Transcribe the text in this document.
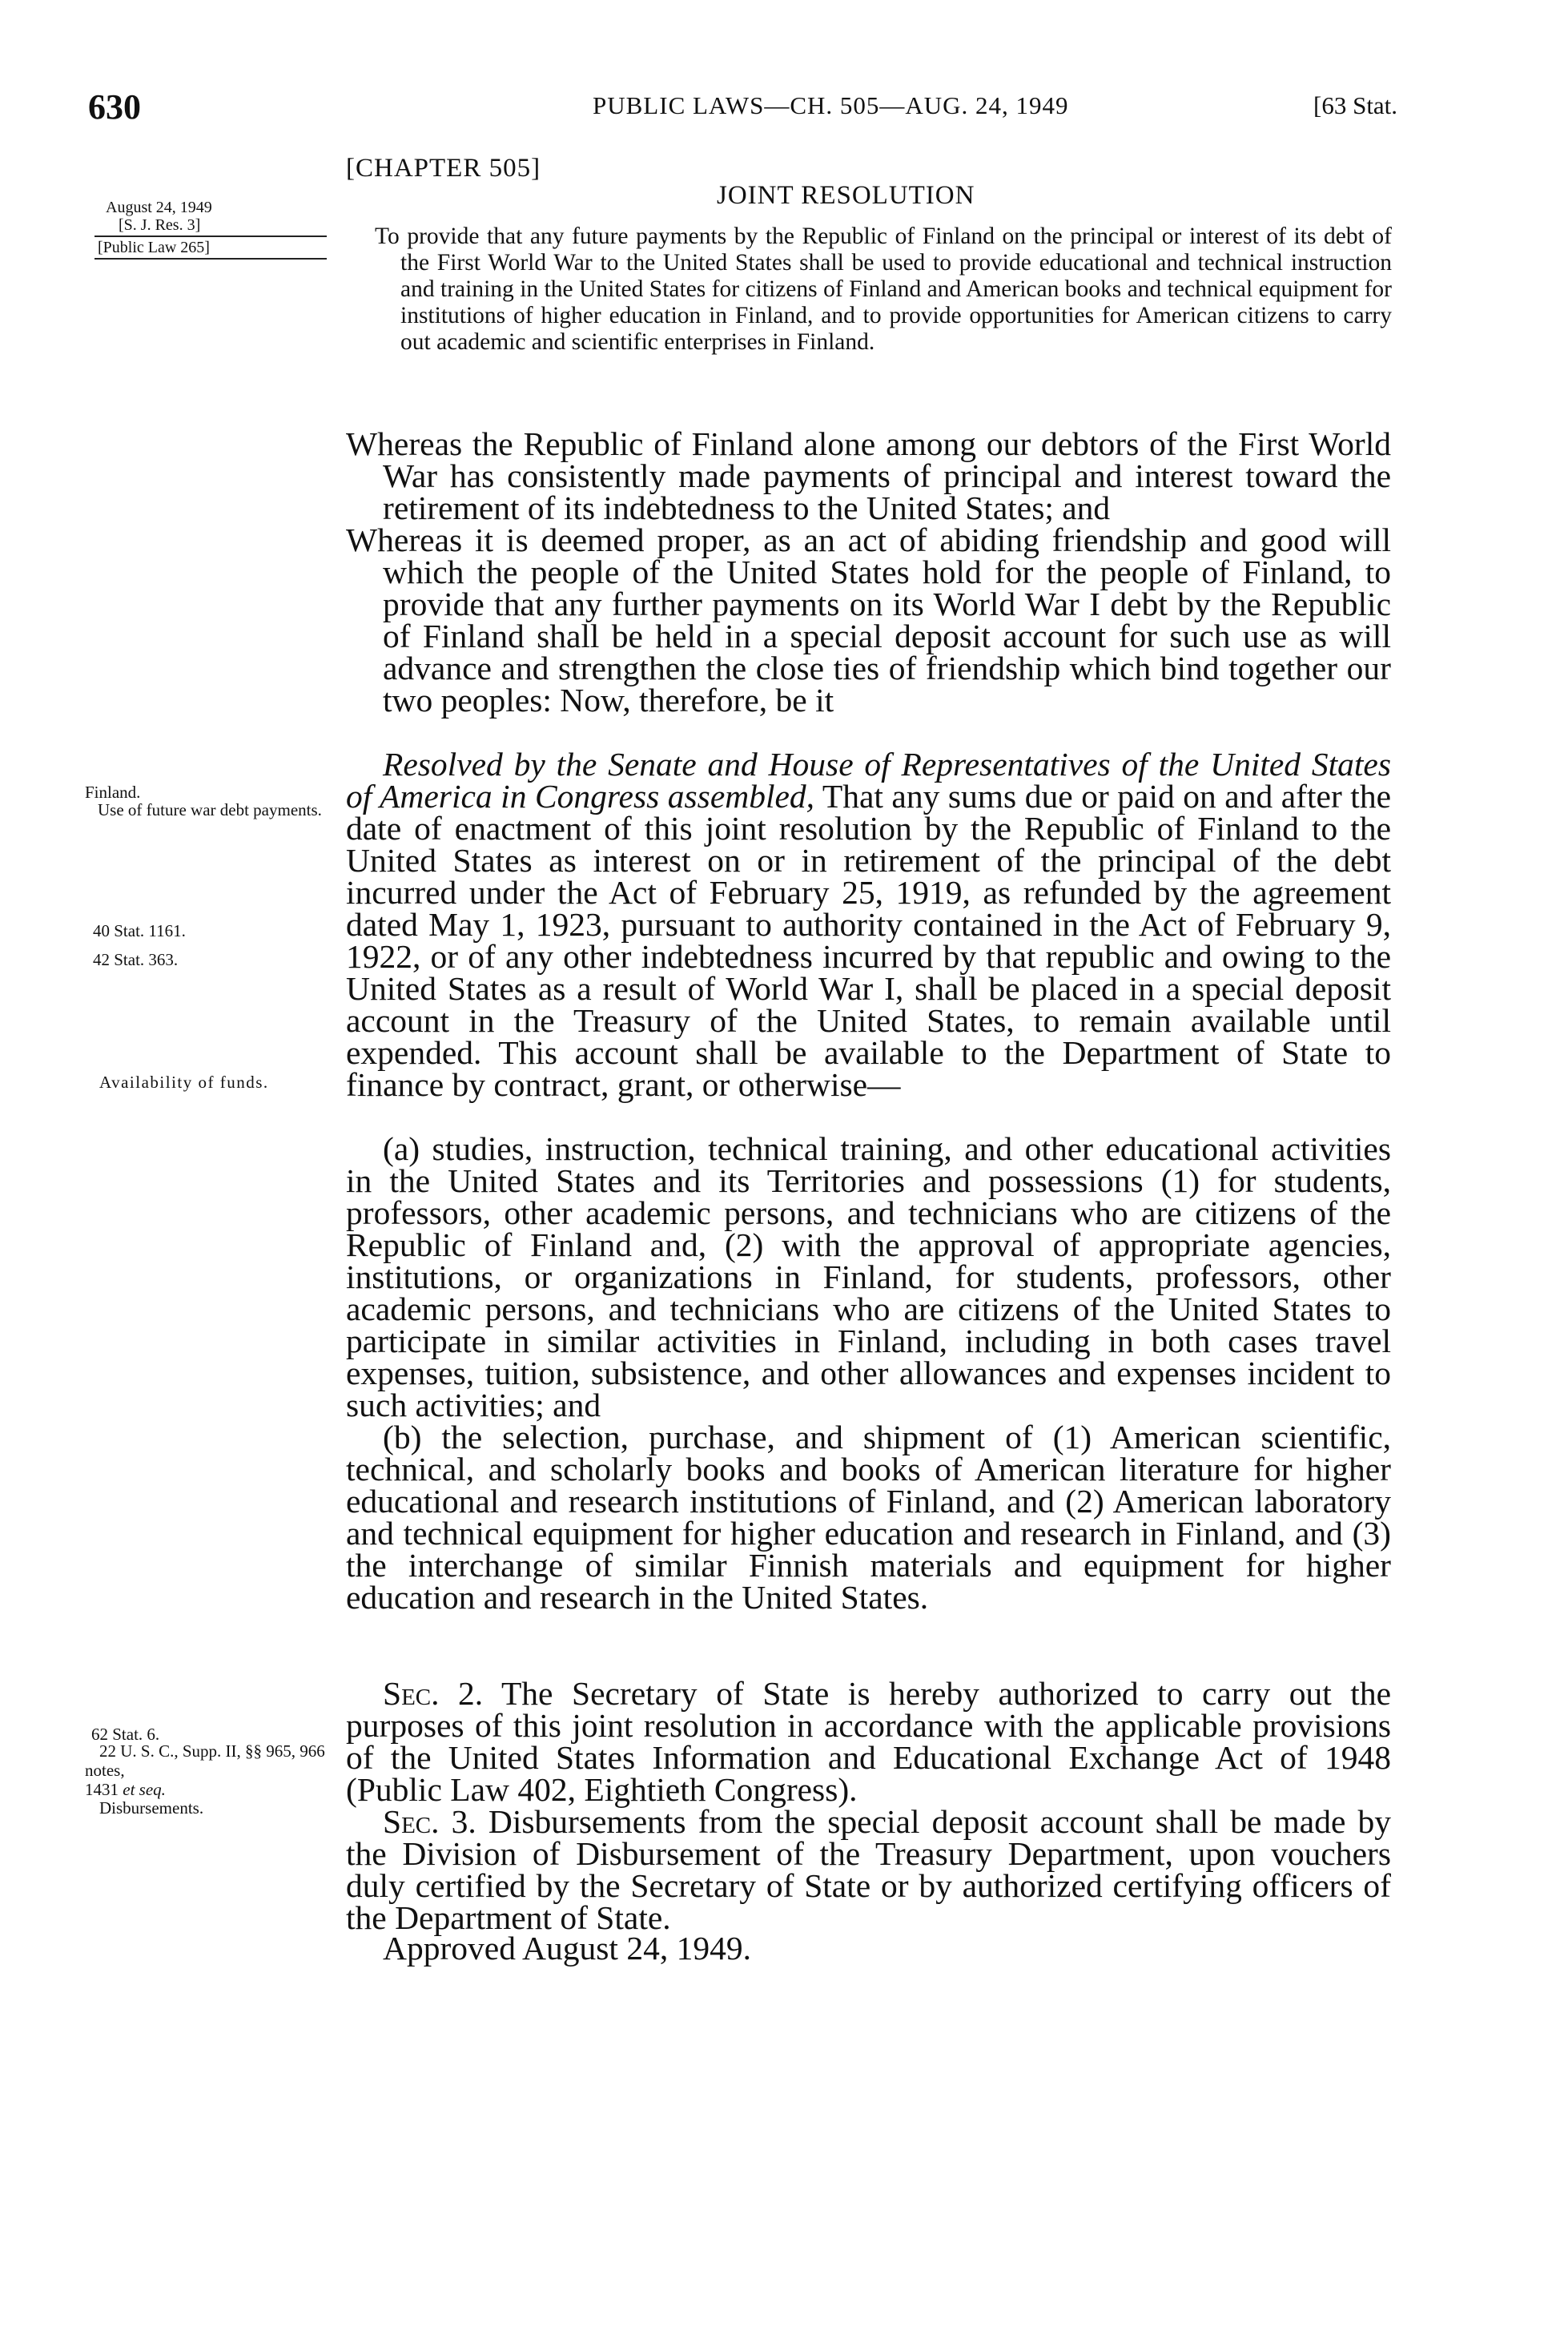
630	PUBLIC LAWS—CH. 505—AUG. 24, 1949	[63 Stat.
[CHAPTER 505]
JOINT RESOLUTION
August 24, 1949
[S. J. Res. 3]
[Public Law 265]	To provide that any future payments by the Republic of Finland on the principal or interest of its debt of the First World War to the United States shall be used to provide educational and technical instruction and training in the United States for citizens of Finland and American books and technical equipment for institutions of higher education in Finland, and to provide opportunities for American citizens to carry out academic and scientific enterprises in Finland.

Whereas the Republic of Finland alone among our debtors of the First World War has consistently made payments of principal and interest toward the retirement of its indebtedness to the United States; and

Whereas it is deemed proper, as an act of abiding friendship and good will which the people of the United States hold for the people of Finland, to provide that any further payments on its World War I debt by the Republic of Finland shall be held in a special deposit account for such use as will advance and strengthen the close ties of friendship which bind together our two peoples: Now, therefore, be it

Resolved by the Senate and House of Representatives of the United States of America in Congress assembled, That any sums due or paid on and after the date of enactment of this joint resolution by the Republic of Finland to the United States as interest on or in retirement of the principal of the debt incurred under the Act of February 25, 1919, as refunded by the agreement dated May 1, 1923, pursuant to authority contained in the Act of February 9, 1922, or of any other indebtedness incurred by that republic and owing to the United States as a result of World War I, shall be placed in a special deposit account in the Treasury of the United States, to remain available until expended. This account shall be available to the Department of State to finance by contract, grant, or otherwise—

(a) studies, instruction, technical training, and other educational activities in the United States and its Territories and possessions (1) for students, professors, other academic persons, and technicians who are citizens of the Republic of Finland and, (2) with the approval of appropriate agencies, institutions, or organizations in Finland, for students, professors, other academic persons, and technicians who are citizens of the United States to participate in similar activities in Finland, including in both cases travel expenses, tuition, subsistence, and other allowances and expenses incident to such activities; and

(b) the selection, purchase, and shipment of (1) American scientific, technical, and scholarly books and books of American literature for higher educational and research institutions of Finland, and (2) American laboratory and technical equipment for higher education and research in Finland, and (3) the interchange of similar Finnish materials and equipment for higher education and research in the United States.

Sec. 2. The Secretary of State is hereby authorized to carry out the purposes of this joint resolution in accordance with the applicable provisions of the United States Information and Educational Exchange Act of 1948 (Public Law 402, Eightieth Congress).

Sec. 3. Disbursements from the special deposit account shall be made by the Division of Disbursement of the Treasury Department, upon vouchers duly certified by the Secretary of State or by authorized certifying officers of the Department of State.

Approved August 24, 1949.
Finland.
Use of future war debt payments.
40 Stat. 1161.
42 Stat. 363.
Availability of funds.
62 Stat. 6.
22 U. S. C., Supp. II, §§ 965, 966 notes,
1431 et seq.
Disbursements.
